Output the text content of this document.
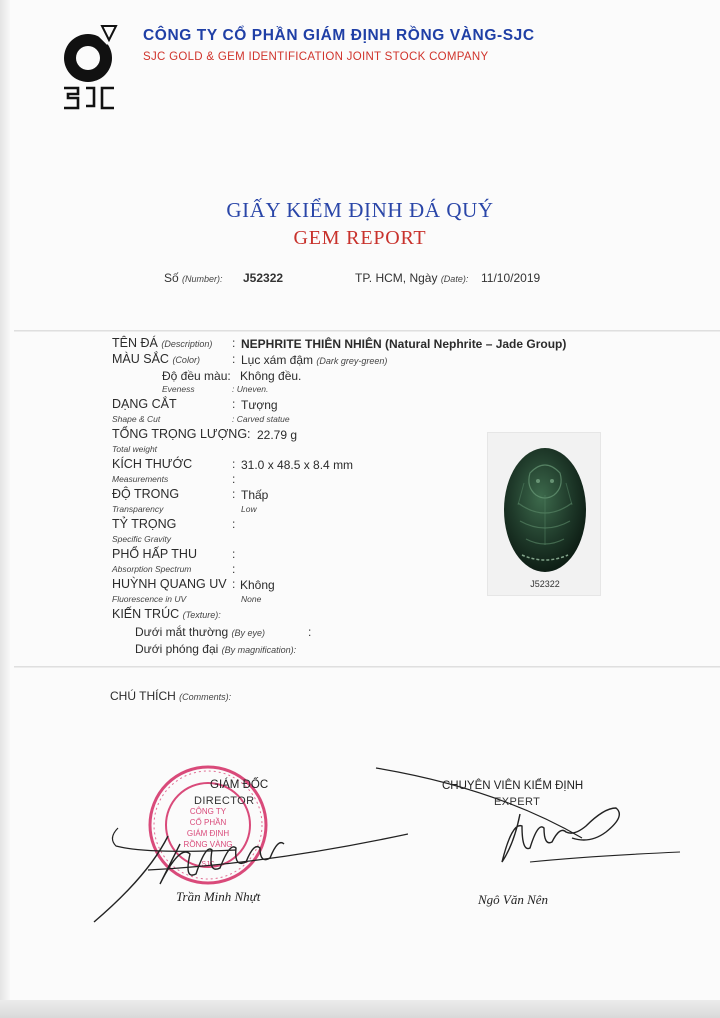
CÔNG TY CỔ PHẦN GIÁM ĐỊNH RỒNG VÀNG-SJC
SJC GOLD & GEM IDENTIFICATION JOINT STOCK COMPANY
GIẤY KIỂM ĐỊNH ĐÁ QUÝ
GEM REPORT
Số (Number): J52322	TP. HCM, Ngày (Date): 11/10/2019
TÊN ĐÁ (Description) : NEPHRITE THIÊN NHIÊN (Natural Nephrite – Jade Group)
MÀU SẮC (Color)	: Lục xám đậm (Dark grey-green)
Độ đều màu: Không đều.
Eveness	: Uneven.
DẠNG CẮT	: Tượng
Shape & Cut	: Carved statue
TỔNG TRỌNG LƯỢNG: 22.79 g
Total weight
KÍCH THƯỚC	: 31.0 x 48.5 x 8.4 mm
Measurements	:
ĐỘ TRONG	: Thấp
Transparency	Low
TỶ TRỌNG	:
Specific Gravity
PHỔ HẤP THU	:
Absorption Spectrum	:
HUỲNH QUANG UV : Không
Fluorescence in UV	None
KIẾN TRÚC (Texture):
Dưới mắt thường (By eye)	:
Dưới phóng đại (By magnification):
J52322
CHÚ THÍCH (Comments):
CÔNG TY
CỔ PHẦN
GIÁM ĐỊNH
RỒNG VÀNG
SJC
GIÁM ĐỐC
DIRECTOR
Trần Minh Nhựt
CHUYÊN VIÊN KIỂM ĐỊNH
EXPERT
Ngô Văn Nên
